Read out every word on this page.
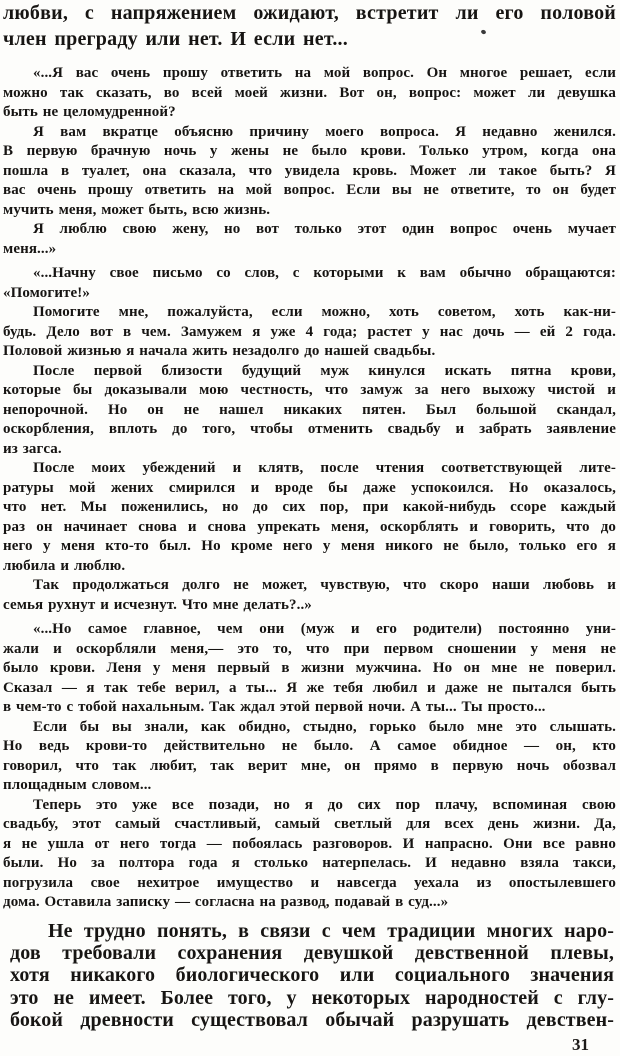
любви, с напряжением ожидают, встретит ли его половой
член преграду или нет. И если нет...
«...Я вас очень прошу ответить на мой вопрос. Он многое решает, если
можно так сказать, во всей моей жизни. Вот он, вопрос: может ли девушка
быть не целомудренной?
Я вам вкратце объясню причину моего вопроса. Я недавно женился.
В первую брачную ночь у жены не было крови. Только утром, когда она
пошла в туалет, она сказала, что увидела кровь. Может ли такое быть? Я
вас очень прошу ответить на мой вопрос. Если вы не ответите, то он будет
мучить меня, может быть, всю жизнь.
Я люблю свою жену, но вот только этот один вопрос очень мучает
меня...»
«...Начну свое письмо со слов, с которыми к вам обычно обращаются:
«Помогите!»
Помогите мне, пожалуйста, если можно, хоть советом, хоть как-ни-
будь. Дело вот в чем. Замужем я уже 4 года; растет у нас дочь — ей 2 года.
Половой жизнью я начала жить незадолго до нашей свадьбы.
После первой близости будущий муж кинулся искать пятна крови,
которые бы доказывали мою честность, что замуж за него выхожу чистой и
непорочной. Но он не нашел никаких пятен. Был большой скандал,
оскорбления, вплоть до того, чтобы отменить свадьбу и забрать заявление
из загса.
После моих убеждений и клятв, после чтения соответствующей лите-
ратуры мой жених смирился и вроде бы даже успокоился. Но оказалось,
что нет. Мы поженились, но до сих пор, при какой-нибудь ссоре каждый
раз он начинает снова и снова упрекать меня, оскорблять и говорить, что до
него у меня кто-то был. Но кроме него у меня никого не было, только его я
любила и люблю.
Так продолжаться долго не может, чувствую, что скоро наши любовь и
семья рухнут и исчезнут. Что мне делать?..»
«...Но самое главное, чем они (муж и его родители) постоянно уни-
жали и оскорбляли меня,— это то, что при первом сношении у меня не
было крови. Леня у меня первый в жизни мужчина. Но он мне не поверил.
Сказал — я так тебе верил, а ты... Я же тебя любил и даже не пытался быть
в чем-то с тобой нахальным. Так ждал этой первой ночи. А ты... Ты просто...
Если бы вы знали, как обидно, стыдно, горько было мне это слышать.
Но ведь крови-то действительно не было. А самое обидное — он, кто
говорил, что так любит, так верит мне, он прямо в первую ночь обозвал
площадным словом...
Теперь это уже все позади, но я до сих пор плачу, вспоминая свою
свадьбу, этот самый счастливый, самый светлый для всех день жизни. Да,
я не ушла от него тогда — побоялась разговоров. И напрасно. Они все равно
были. Но за полтора года я столько натерпелась. И недавно взяла такси,
погрузила свое нехитрое имущество и навсегда уехала из опостылевшего
дома. Оставила записку — согласна на развод, подавай в суд...»
Не трудно понять, в связи с чем традиции многих наро-
дов требовали сохранения девушкой девственной плевы,
хотя никакого биологического или социального значения
это не имеет. Более того, у некоторых народностей с глу-
бокой древности существовал обычай разрушать девствен-
31
